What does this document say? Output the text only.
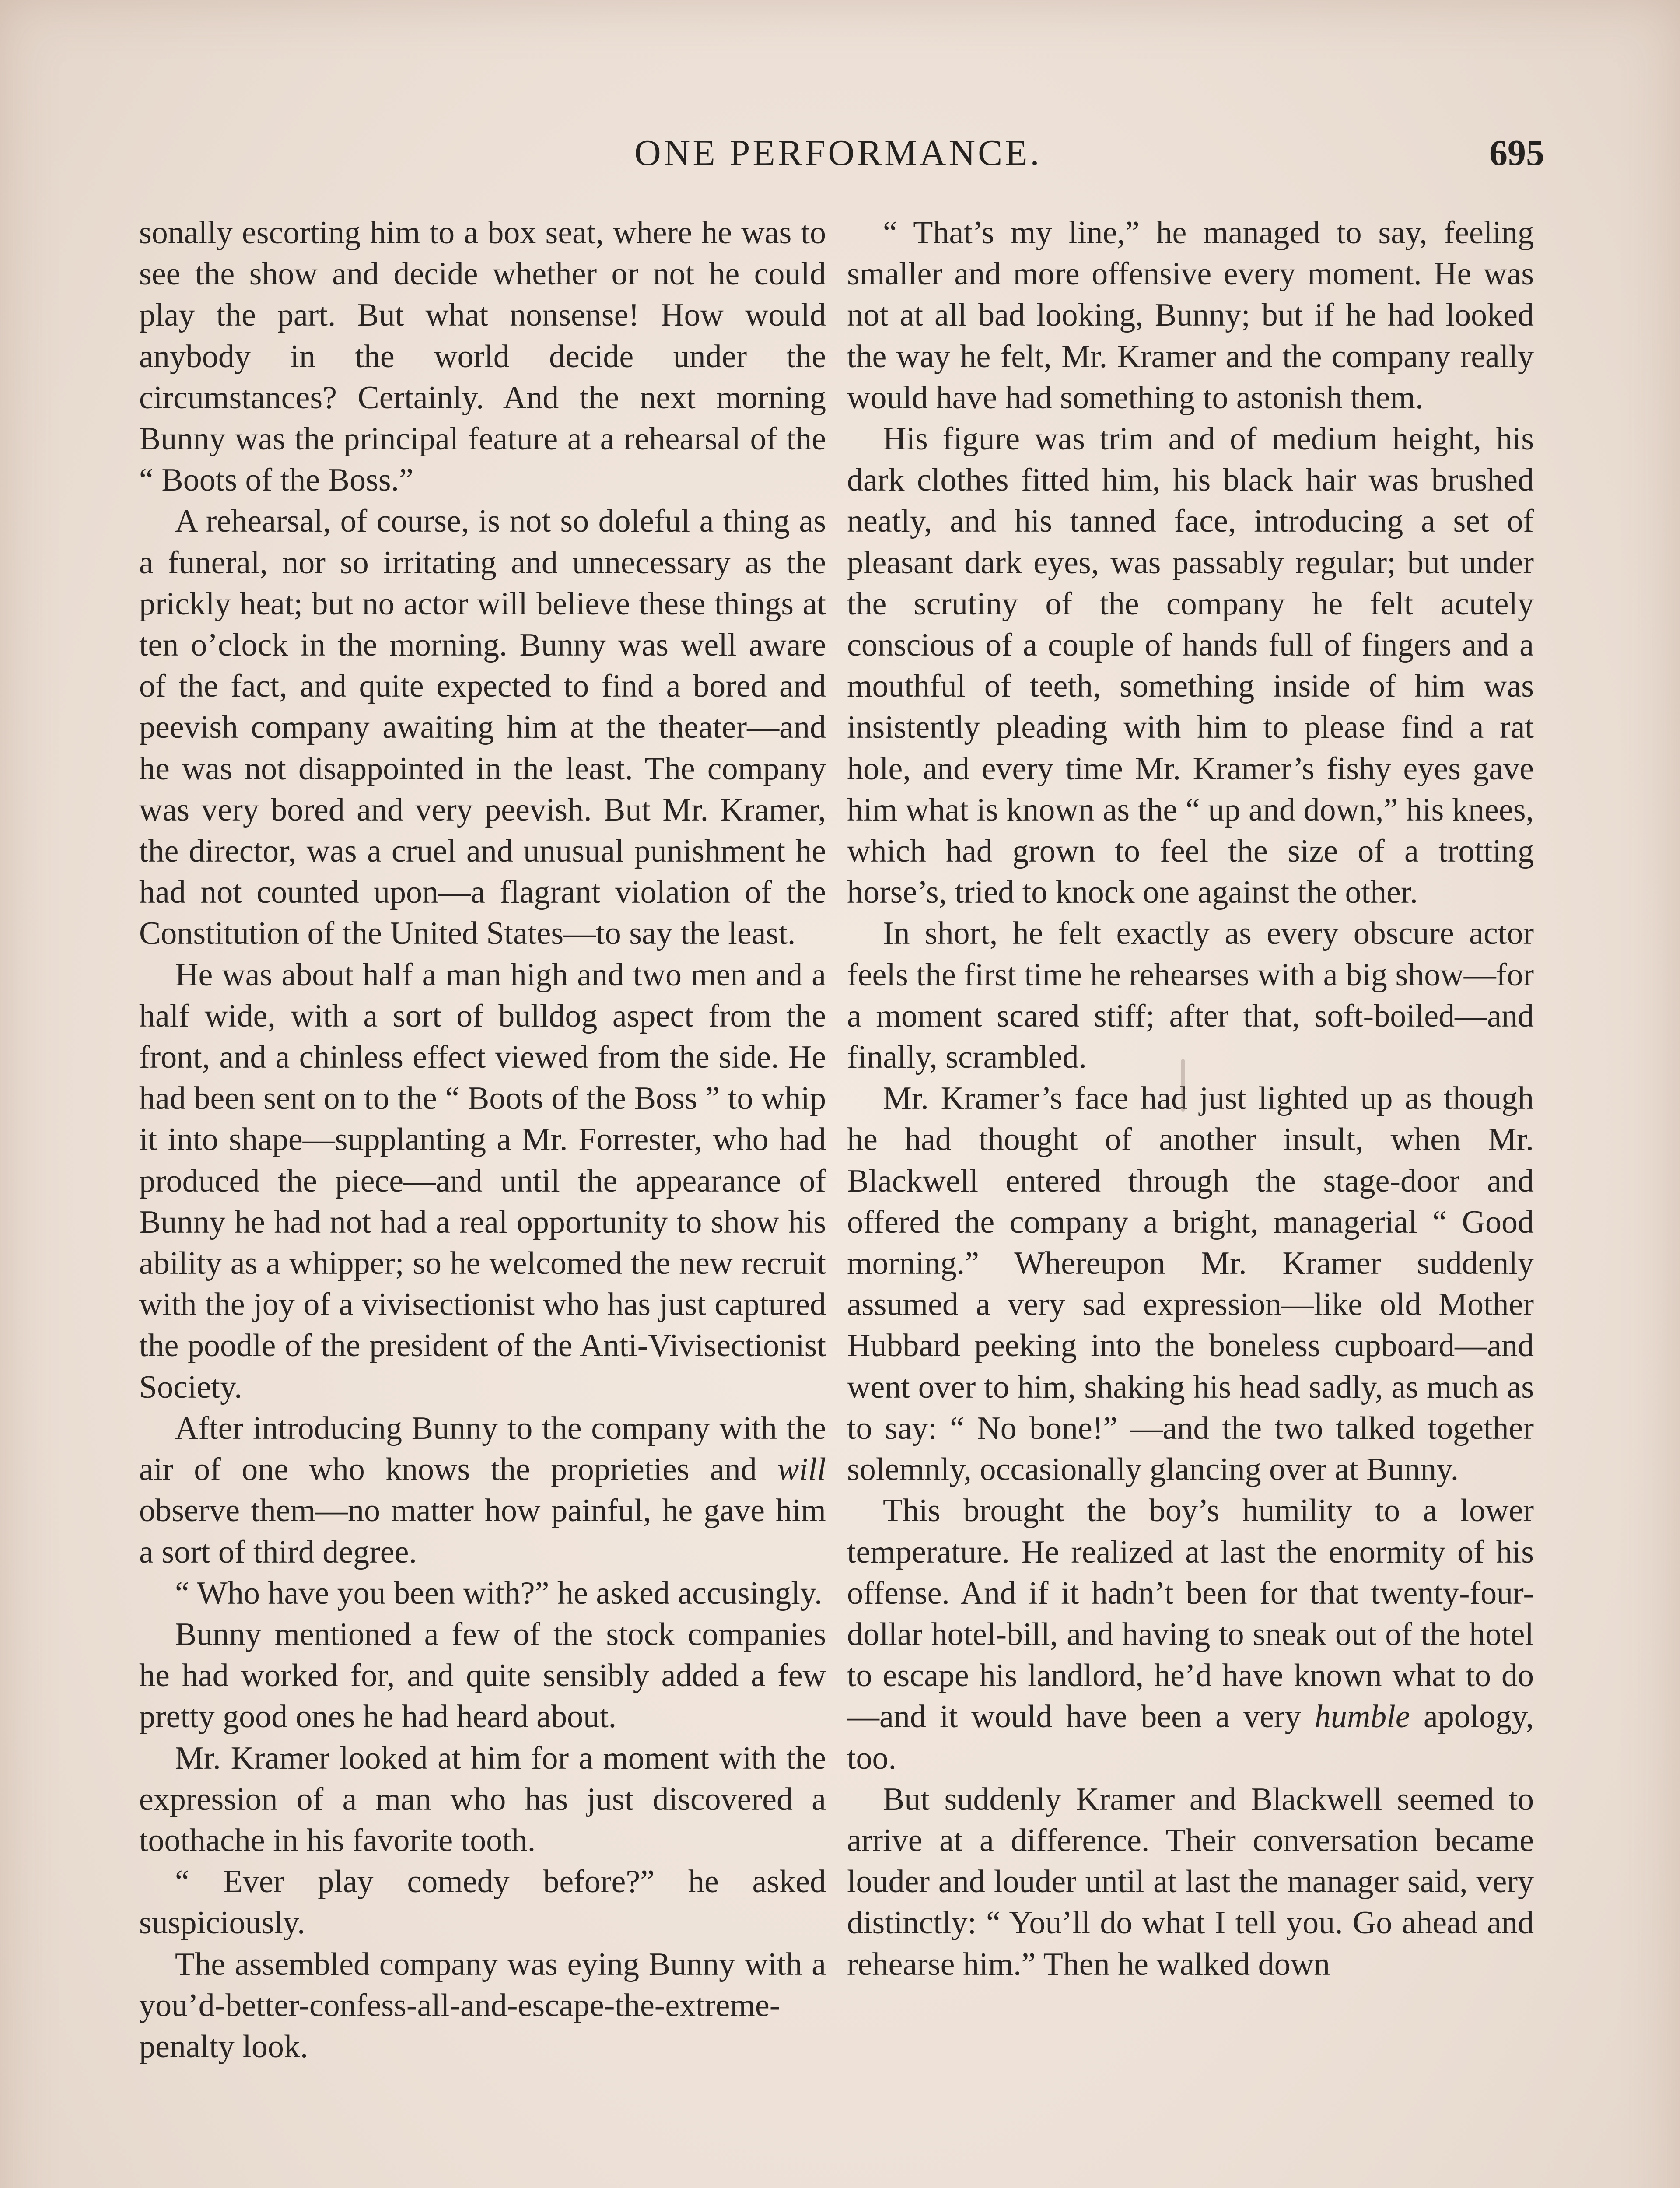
ONE PERFORMANCE.	695

sonally escorting him to a box seat, where he was to see the show and decide whether or not he could play the part. But what nonsense! How would anybody in the world decide under the circumstances? Certainly. And the next morning Bunny was the principal feature at a rehearsal of the “ Boots of the Boss.”

A rehearsal, of course, is not so doleful a thing as a funeral, nor so irritating and unnecessary as the prickly heat; but no actor will believe these things at ten o’clock in the morning. Bunny was well aware of the fact, and quite expected to find a bored and peevish company awaiting him at the theater—and he was not disappointed in the least. The company was very bored and very peevish. But Mr. Kramer, the director, was a cruel and unusual punishment he had not counted upon—a flagrant violation of the Constitution of the United States—to say the least.

He was about half a man high and two men and a half wide, with a sort of bulldog aspect from the front, and a chinless effect viewed from the side. He had been sent on to the “ Boots of the Boss ” to whip it into shape—supplanting a Mr. Forrester, who had produced the piece—and until the appearance of Bunny he had not had a real opportunity to show his ability as a whipper; so he welcomed the new recruit with the joy of a vivisectionist who has just captured the poodle of the president of the Anti-Vivisectionist Society.

After introducing Bunny to the company with the air of one who knows the proprieties and will observe them—no matter how painful, he gave him a sort of third degree.

“ Who have you been with?” he asked accusingly.

Bunny mentioned a few of the stock companies he had worked for, and quite sensibly added a few pretty good ones he had heard about.

Mr. Kramer looked at him for a moment with the expression of a man who has just discovered a toothache in his favorite tooth.

“ Ever play comedy before?” he asked suspiciously.

The assembled company was eying Bunny with a you’d-better-confess-all-and-escape-the-extreme-penalty look.

“ That’s my line,” he managed to say, feeling smaller and more offensive every moment. He was not at all bad looking, Bunny; but if he had looked the way he felt, Mr. Kramer and the company really would have had something to astonish them.

His figure was trim and of medium height, his dark clothes fitted him, his black hair was brushed neatly, and his tanned face, introducing a set of pleasant dark eyes, was passably regular; but under the scrutiny of the company he felt acutely conscious of a couple of hands full of fingers and a mouthful of teeth, something inside of him was insistently pleading with him to please find a rat hole, and every time Mr. Kramer’s fishy eyes gave him what is known as the “ up and down,” his knees, which had grown to feel the size of a trotting horse’s, tried to knock one against the other.

In short, he felt exactly as every obscure actor feels the first time he rehearses with a big show—for a moment scared stiff; after that, soft-boiled—and finally, scrambled.

Mr. Kramer’s face had just lighted up as though he had thought of another insult, when Mr. Blackwell entered through the stage-door and offered the company a bright, managerial “ Good morning.” Whereupon Mr. Kramer suddenly assumed a very sad expression—like old Mother Hubbard peeking into the boneless cupboard—and went over to him, shaking his head sadly, as much as to say: “ No bone!” —and the two talked together solemnly, occasionally glancing over at Bunny.

This brought the boy’s humility to a lower temperature. He realized at last the enormity of his offense. And if it hadn’t been for that twenty-four-dollar hotel-bill, and having to sneak out of the hotel to escape his landlord, he’d have known what to do—and it would have been a very humble apology, too.

But suddenly Kramer and Blackwell seemed to arrive at a difference. Their conversation became louder and louder until at last the manager said, very distinctly: “ You’ll do what I tell you. Go ahead and rehearse him.” Then he walked down
